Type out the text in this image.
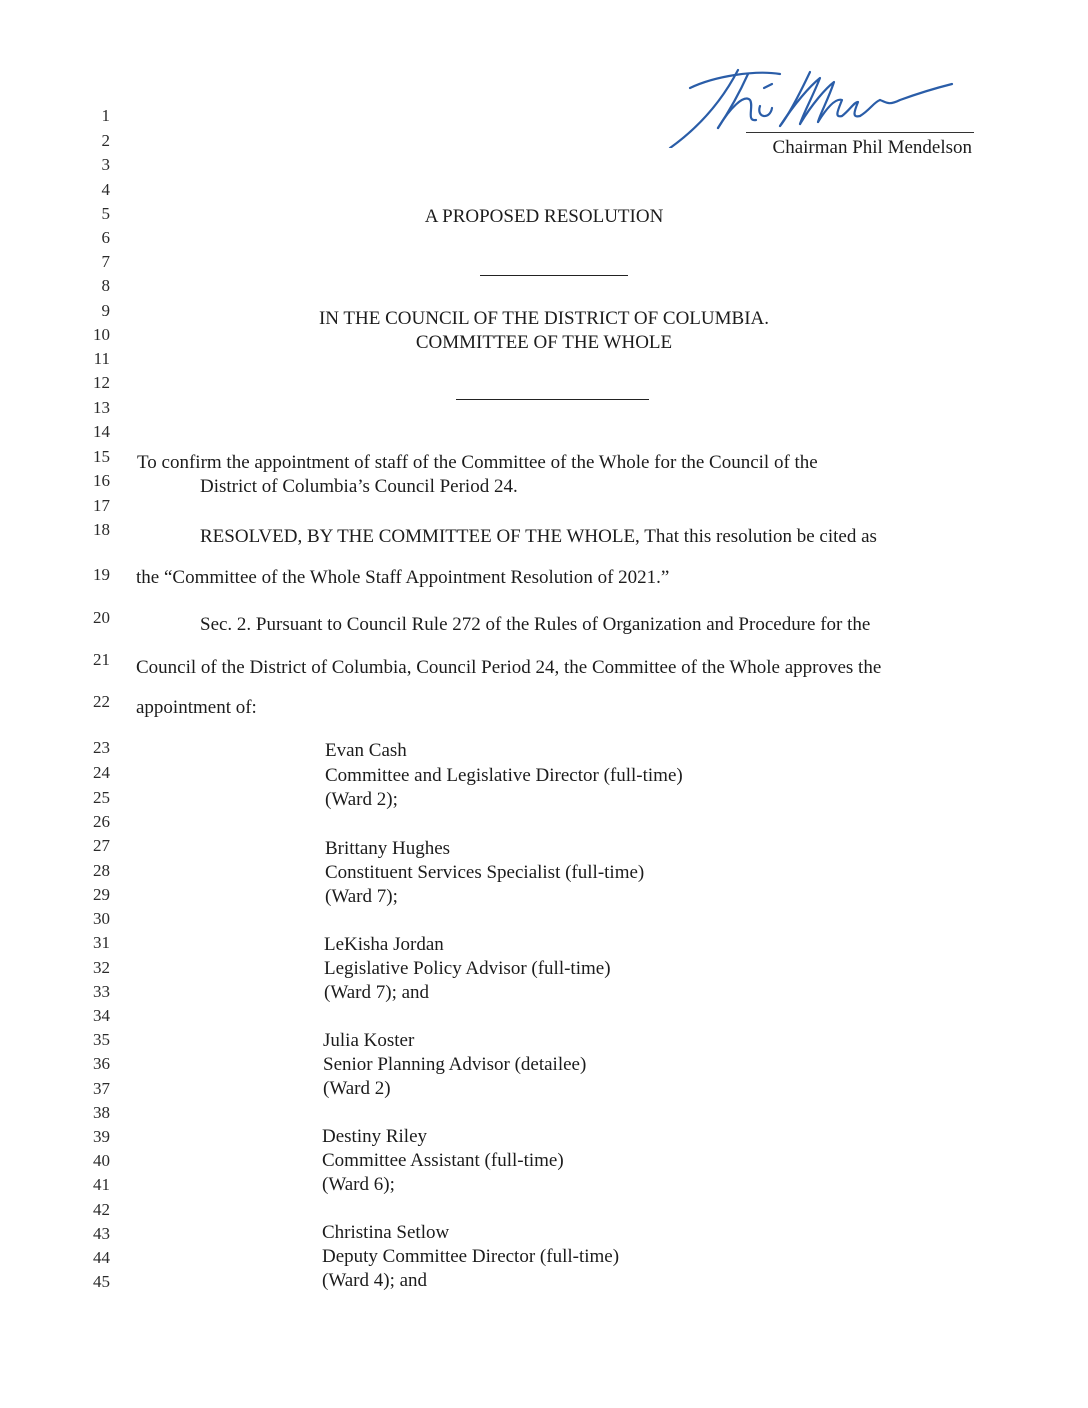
Chairman Phil Mendelson
1
2
3
4
5
6
7
8
9
10
11
12
13
14
15
16
17
18
19
20
21
22
23
24
25
26
27
28
29
30
31
32
33
34
35
36
37
38
39
40
41
42
43
44
45
A PROPOSED RESOLUTION
IN THE COUNCIL OF THE DISTRICT OF COLUMBIA.
COMMITTEE OF THE WHOLE
To confirm the appointment of staff of the Committee of the Whole for the Council of the
District of Columbia’s Council Period 24.
RESOLVED, BY THE COMMITTEE OF THE WHOLE, That this resolution be cited as
the “Committee of the Whole Staff Appointment Resolution of 2021.”
Sec. 2. Pursuant to Council Rule 272 of the Rules of Organization and Procedure for the
Council of the District of Columbia, Council Period 24, the Committee of the Whole approves the
appointment of:
Evan Cash
Committee and Legislative Director (full-time)
(Ward 2);
Brittany Hughes
Constituent Services Specialist (full-time)
(Ward 7);
LeKisha Jordan
Legislative Policy Advisor (full-time)
(Ward 7); and
Julia Koster
Senior Planning Advisor (detailee)
(Ward 2)
Destiny Riley
Committee Assistant (full-time)
(Ward 6);
Christina Setlow
Deputy Committee Director (full-time)
(Ward 4); and
